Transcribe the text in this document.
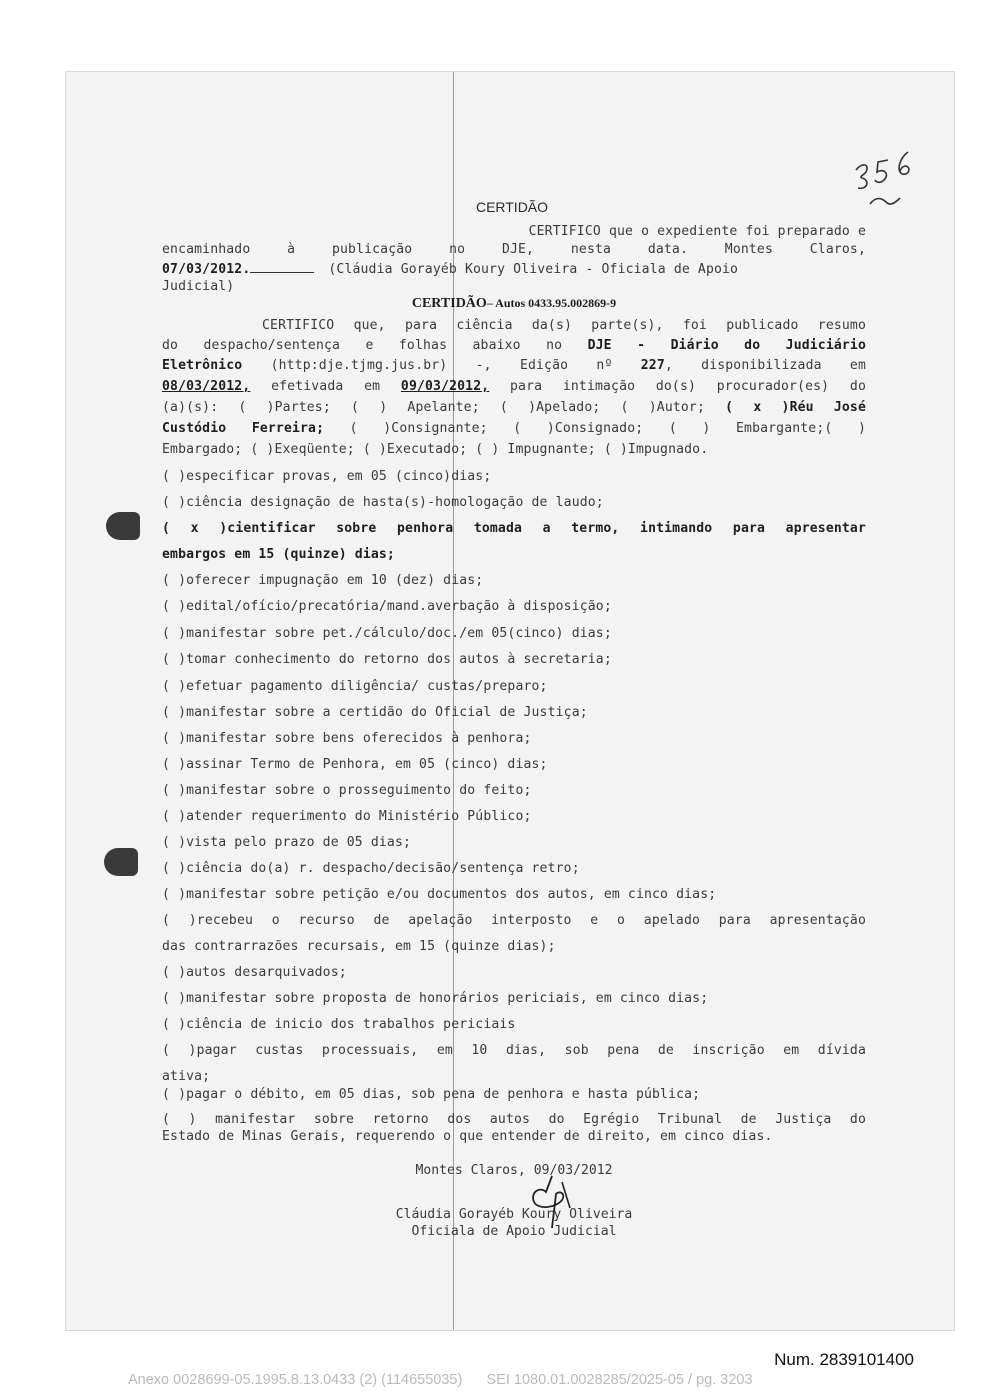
CERTIDÃO
CERTIFICO que o expediente foi preparado e
encaminhado à publicação no DJE, nesta data. Montes Claros,
07/03/2012.	(Cláudia Gorayéb Koury Oliveira - Oficiala de Apoio
Judicial)
CERTIDÃO– Autos 0433.95.002869-9
CERTIFICO que, para ciência da(s) parte(s), foi publicado resumo
do despacho/sentença e folhas abaixo no DJE - Diário do Judiciário
Eletrônico (http:dje.tjmg.jus.br) -, Edição nº 227, disponibilizada em
08/03/2012, efetivada em 09/03/2012, para intimação do(s) procurador(es) do
(a)(s): ( )Partes; ( ) Apelante; ( )Apelado; ( )Autor; ( x )Réu José
Custódio Ferreira; ( )Consignante; ( )Consignado; ( ) Embargante;( )
Embargado; ( )Exeqüente; ( )Executado; ( ) Impugnante; ( )Impugnado.
( )especificar provas, em 05 (cinco)dias;
( )ciência designação de hasta(s)-homologação de laudo;
( x )cientificar sobre penhora tomada a termo, intimando para apresentar
embargos em 15 (quinze) dias;
( )oferecer impugnação em 10 (dez) dias;
( )edital/ofício/precatória/mand.averbação à disposição;
( )manifestar sobre pet./cálculo/doc./em 05(cinco) dias;
( )tomar conhecimento do retorno dos autos à secretaria;
( )efetuar pagamento diligência/ custas/preparo;
( )manifestar sobre a certidão do Oficial de Justiça;
( )manifestar sobre bens oferecidos à penhora;
( )assinar Termo de Penhora, em 05 (cinco) dias;
( )manifestar sobre o prosseguimento do feito;
( )atender requerimento do Ministério Público;
( )vista pelo prazo de 05 dias;
( )ciência do(a) r. despacho/decisão/sentença retro;
( )manifestar sobre petição e/ou documentos dos autos, em cinco dias;
( )recebeu o recurso de apelação interposto e o apelado para apresentação
das contrarrazões recursais, em 15 (quinze dias);
( )autos desarquivados;
( )manifestar sobre proposta de honorários periciais, em cinco dias;
( )ciência de inicio dos trabalhos periciais
( )pagar custas processuais, em 10 dias, sob pena de inscrição em dívida
ativa;
( )pagar o débito, em 05 dias, sob pena de penhora e hasta pública;
( ) manifestar sobre retorno dos autos do Egrégio Tribunal de Justiça do
Estado de Minas Gerais, requerendo o que entender de direito, em cinco dias.
Montes Claros, 09/03/2012
Cláudia Gorayéb Koury Oliveira
Oficiala de Apoio Judicial
Num. 2839101400
Anexo 0028699-05.1995.8.13.0433 (2) (114655035)      SEI 1080.01.0028285/2025-05 / pg. 3203
